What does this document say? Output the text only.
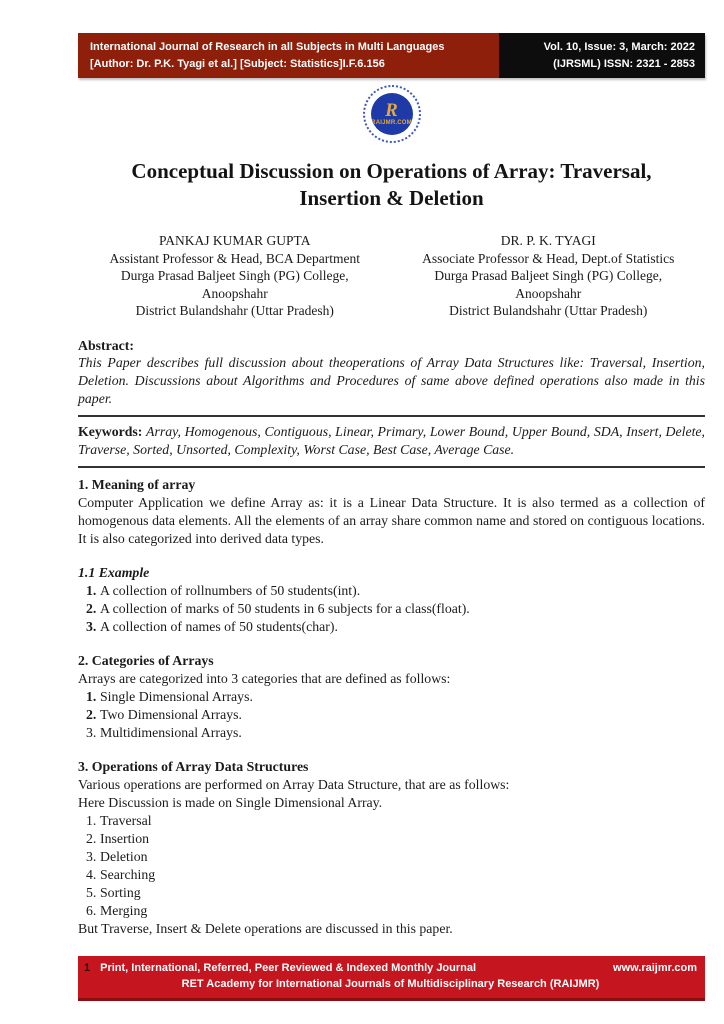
International Journal of Research in all Subjects in Multi Languages
[Author: Dr. P.K. Tyagi et al.] [Subject: Statistics]I.F.6.156
Vol. 10, Issue: 3, March: 2022
(IJRSML) ISSN: 2321 - 2853
R
RAIJMR.COM
Conceptual Discussion on Operations of Array: Traversal,
Insertion & Deletion
PANKAJ KUMAR GUPTA
Assistant Professor & Head, BCA Department
Durga Prasad Baljeet Singh (PG) College,
Anoopshahr
District Bulandshahr (Uttar Pradesh)
DR. P. K. TYAGI
Associate Professor & Head, Dept.of Statistics
Durga Prasad Baljeet Singh (PG) College,
Anoopshahr
District Bulandshahr (Uttar Pradesh)
Abstract:
This Paper describes full discussion about theoperations of Array Data Structures like: Traversal, Insertion, Deletion. Discussions about Algorithms and Procedures of same above defined operations also made in this paper.
Keywords: Array, Homogenous, Contiguous, Linear, Primary, Lower Bound, Upper Bound, SDA, Insert, Delete, Traverse, Sorted, Unsorted, Complexity, Worst Case, Best Case, Average Case.
1. Meaning of array
Computer Application we define Array as: it is a Linear Data Structure. It is also termed as a collection of homogenous data elements. All the elements of an array share common name and stored on contiguous locations. It is also categorized into derived data types.
1.1 Example
1. A collection of rollnumbers of 50 students(int).
2. A collection of marks of 50 students in 6 subjects for a class(float).
3. A collection of names of 50 students(char).
2. Categories of Arrays
Arrays are categorized into 3 categories that are defined as follows:
1. Single Dimensional Arrays.
2. Two Dimensional Arrays.
3. Multidimensional Arrays.
3. Operations of Array Data Structures
Various operations are performed on Array Data Structure, that are as follows:
Here Discussion is made on Single Dimensional Array.
1. Traversal
2. Insertion
3. Deletion
4. Searching
5. Sorting
6. Merging
But Traverse, Insert & Delete operations are discussed in this paper.
1 Print, International, Referred, Peer Reviewed & Indexed Monthly Journal	www.raijmr.com
RET Academy for International Journals of Multidisciplinary Research (RAIJMR)
